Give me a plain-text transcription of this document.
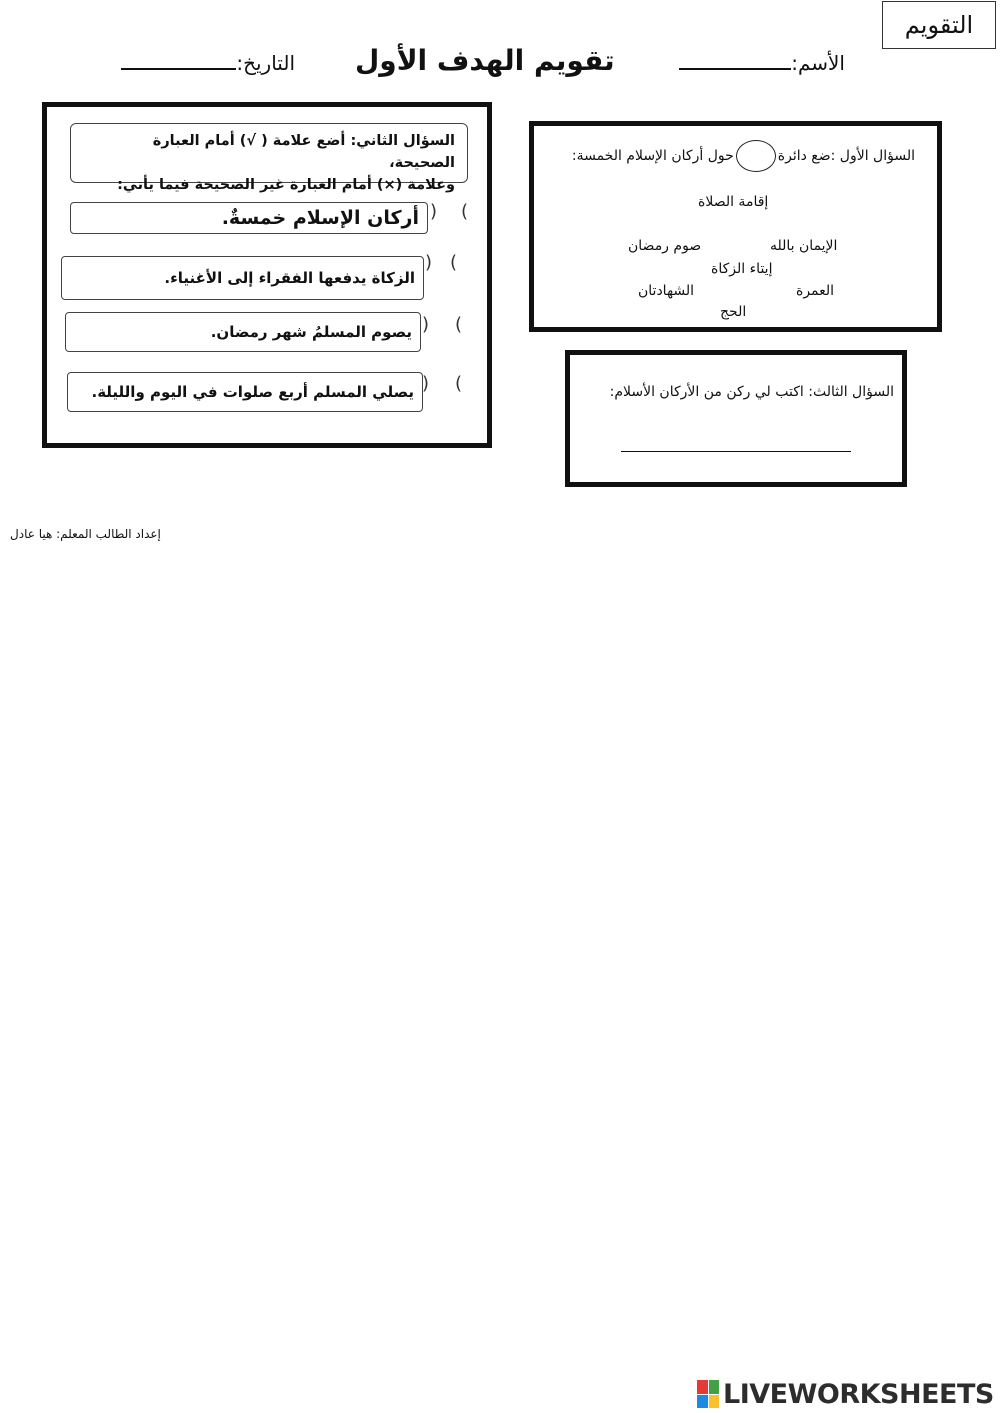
التقويم
الأسم:
تقويم الهدف الأول
التاريخ:
السؤال الأول :ضع دائرةحول أركان الإسلام الخمسة:
إقامة الصلاة
الإيمان بالله
صوم رمضان
إيتاء الزكاة
العمرة
الشهادتان
الحج
السؤال الثاني: أضع علامة ( √) أمام العبارة الصحيحة،
وعلامة (×) أمام العبارة غير الصحيحة فيما يأتي:
أركان الإسلام خمسةٌ. ) (
الزكاة يدفعها الفقراء إلى الأغنياء.
) (
يصوم المسلمُ شهر رمضان. ) (
يصلي المسلم أربع صلوات في اليوم والليلة. ) (	السؤال الثالث: اكتب لي ركن من الأركان الأسلام:
إعداد الطالب المعلم: هيا عادل
LIVEWORKSHEETS
